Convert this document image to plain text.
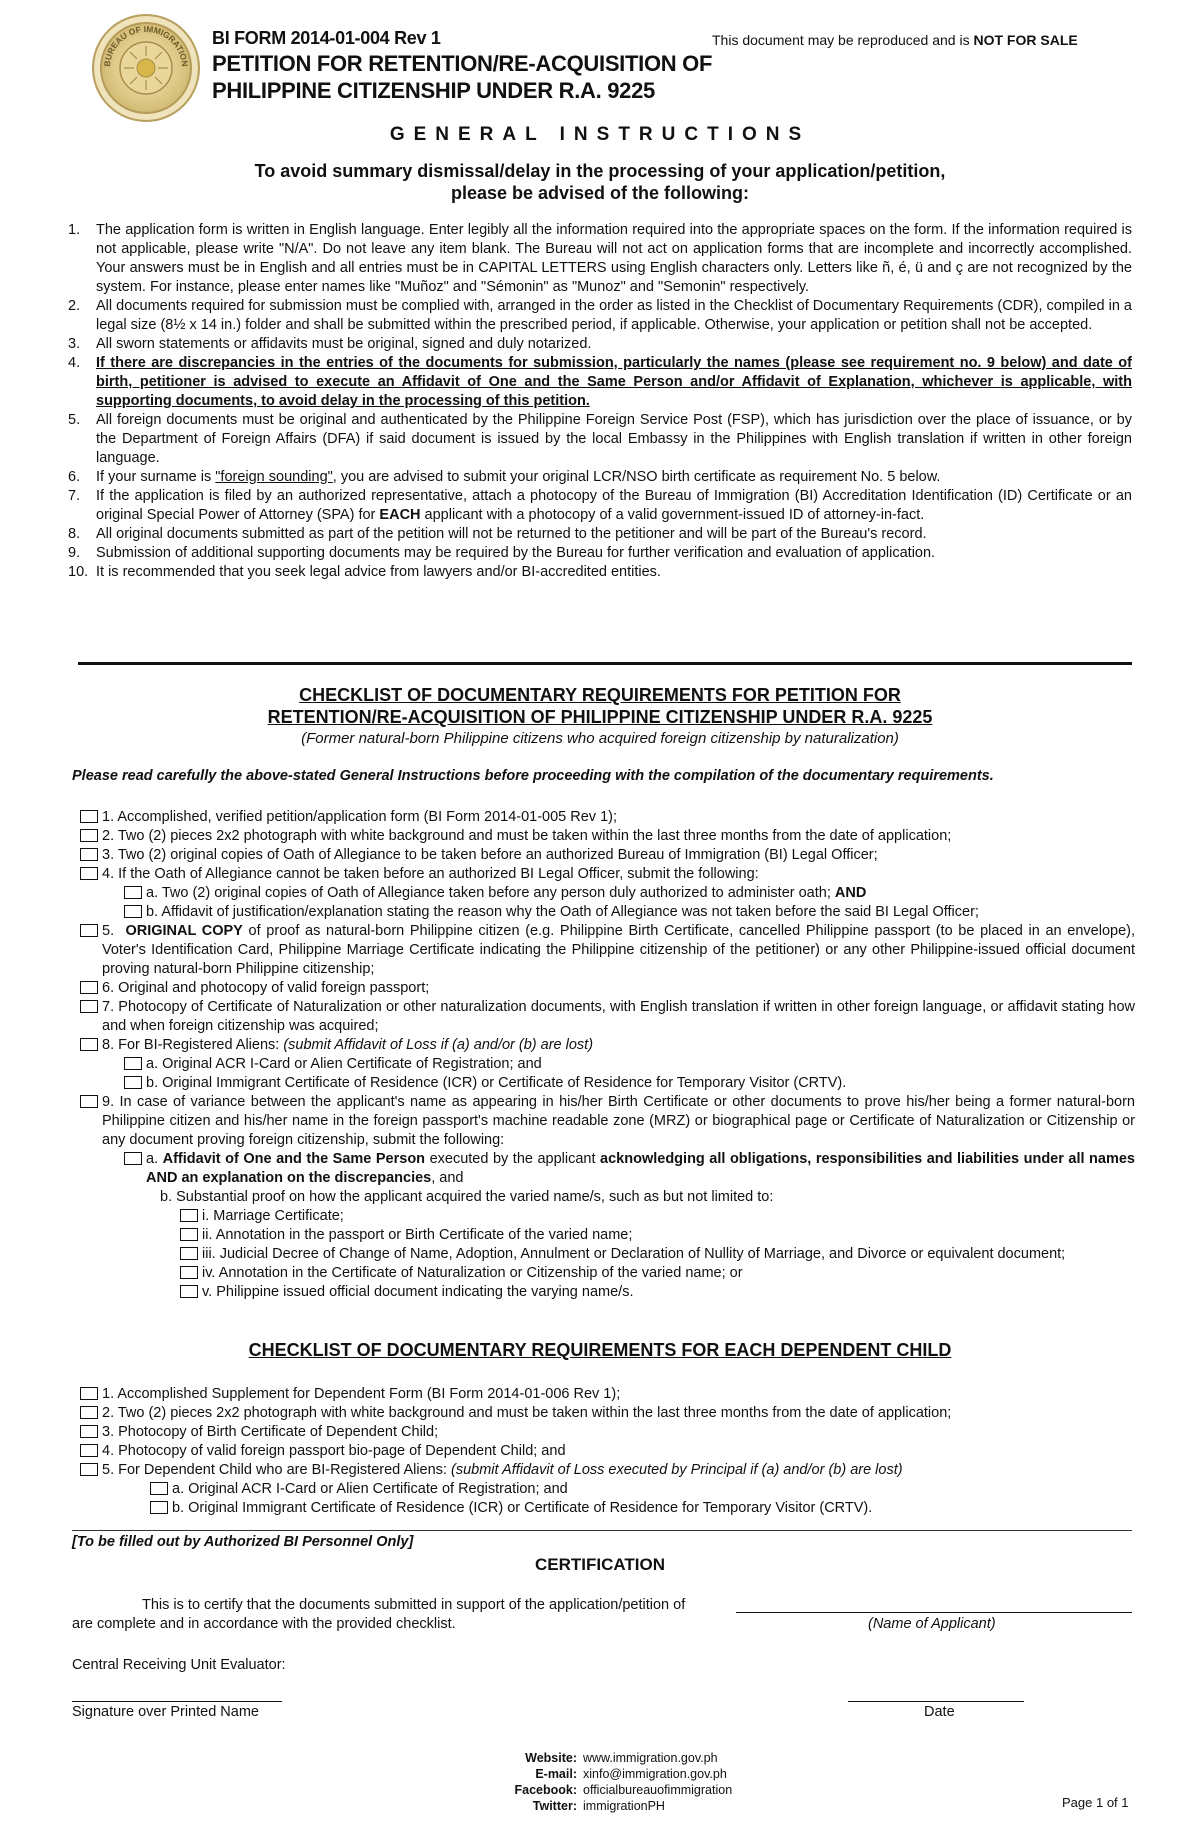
BUREAU OF IMMIGRATION
BI FORM 2014-01-004 Rev 1	This document may be reproduced and is NOT FOR SALE
PETITION FOR RETENTION/RE-ACQUISITION OF
PHILIPPINE CITIZENSHIP UNDER R.A. 9225
GENERAL INSTRUCTIONS
To avoid summary dismissal/delay in the processing of your application/petition,
please be advised of the following:
1.	The application form is written in English language. Enter legibly all the information required into the appropriate spaces on the form. If the information required is not applicable, please write "N/A". Do not leave any item blank. The Bureau will not act on application forms that are incomplete and incorrectly accomplished. Your answers must be in English and all entries must be in CAPITAL LETTERS using English characters only. Letters like ñ, é, ü and ç are not recognized by the system. For instance, please enter names like "Muñoz" and "Sémonin" as "Munoz" and "Semonin" respectively.
2.	All documents required for submission must be complied with, arranged in the order as listed in the Checklist of Documentary Requirements (CDR), compiled in a legal size (8½ x 14 in.) folder and shall be submitted within the prescribed period, if applicable. Otherwise, your application or petition shall not be accepted.
3.	All sworn statements or affidavits must be original, signed and duly notarized.
4.	If there are discrepancies in the entries of the documents for submission, particularly the names (please see requirement no. 9 below) and date of birth, petitioner is advised to execute an Affidavit of One and the Same Person and/or Affidavit of Explanation, whichever is applicable, with supporting documents, to avoid delay in the processing of this petition.
5.	All foreign documents must be original and authenticated by the Philippine Foreign Service Post (FSP), which has jurisdiction over the place of issuance, or by the Department of Foreign Affairs (DFA) if said document is issued by the local Embassy in the Philippines with English translation if written in other foreign language.
6.	If your surname is "foreign sounding", you are advised to submit your original LCR/NSO birth certificate as requirement No. 5 below.
7.	If the application is filed by an authorized representative, attach a photocopy of the Bureau of Immigration (BI) Accreditation Identification (ID) Certificate or an original Special Power of Attorney (SPA) for EACH applicant with a photocopy of a valid government-issued ID of attorney-in-fact.
8.	All original documents submitted as part of the petition will not be returned to the petitioner and will be part of the Bureau's record.
9.	Submission of additional supporting documents may be required by the Bureau for further verification and evaluation of application.
10. It is recommended that you seek legal advice from lawyers and/or BI-accredited entities.
CHECKLIST OF DOCUMENTARY REQUIREMENTS FOR PETITION FOR
RETENTION/RE-ACQUISITION OF PHILIPPINE CITIZENSHIP UNDER R.A. 9225
(Former natural-born Philippine citizens who acquired foreign citizenship by naturalization)
Please read carefully the above-stated General Instructions before proceeding with the compilation of the documentary requirements.
1. Accomplished, verified petition/application form (BI Form 2014-01-005 Rev 1);
2. Two (2) pieces 2x2 photograph with white background and must be taken within the last three months from the date of application;
3. Two (2) original copies of Oath of Allegiance to be taken before an authorized Bureau of Immigration (BI) Legal Officer;
4. If the Oath of Allegiance cannot be taken before an authorized BI Legal Officer, submit the following:
a. Two (2) original copies of Oath of Allegiance taken before any person duly authorized to administer oath; AND
b. Affidavit of justification/explanation stating the reason why the Oath of Allegiance was not taken before the said BI Legal Officer;
5. ORIGINAL COPY of proof as natural-born Philippine citizen (e.g. Philippine Birth Certificate, cancelled Philippine passport (to be placed in an envelope), Voter's Identification Card, Philippine Marriage Certificate indicating the Philippine citizenship of the petitioner) or any other Philippine-issued official document proving natural-born Philippine citizenship;
6. Original and photocopy of valid foreign passport;
7. Photocopy of Certificate of Naturalization or other naturalization documents, with English translation if written in other foreign language, or affidavit stating how and when foreign citizenship was acquired;
8. For BI-Registered Aliens: (submit Affidavit of Loss if (a) and/or (b) are lost)
a. Original ACR I-Card or Alien Certificate of Registration; and
b. Original Immigrant Certificate of Residence (ICR) or Certificate of Residence for Temporary Visitor (CRTV).
9. In case of variance between the applicant's name as appearing in his/her Birth Certificate or other documents to prove his/her being a former natural-born Philippine citizen and his/her name in the foreign passport's machine readable zone (MRZ) or biographical page or Certificate of Naturalization or Citizenship or any document proving foreign citizenship, submit the following:
a. Affidavit of One and the Same Person executed by the applicant acknowledging all obligations, responsibilities and liabilities under all names AND an explanation on the discrepancies, and
b. Substantial proof on how the applicant acquired the varied name/s, such as but not limited to:
i. Marriage Certificate;
ii. Annotation in the passport or Birth Certificate of the varied name;
iii. Judicial Decree of Change of Name, Adoption, Annulment or Declaration of Nullity of Marriage, and Divorce or equivalent document;
iv. Annotation in the Certificate of Naturalization or Citizenship of the varied name; or
v. Philippine issued official document indicating the varying name/s.
CHECKLIST OF DOCUMENTARY REQUIREMENTS FOR EACH DEPENDENT CHILD
1. Accomplished Supplement for Dependent Form (BI Form 2014-01-006 Rev 1);
2. Two (2) pieces 2x2 photograph with white background and must be taken within the last three months from the date of application;
3. Photocopy of Birth Certificate of Dependent Child;
4. Photocopy of valid foreign passport bio-page of Dependent Child; and
5. For Dependent Child who are BI-Registered Aliens: (submit Affidavit of Loss executed by Principal if (a) and/or (b) are lost)
a. Original ACR I-Card or Alien Certificate of Registration; and
b. Original Immigrant Certificate of Residence (ICR) or Certificate of Residence for Temporary Visitor (CRTV).
[To be filled out by Authorized BI Personnel Only]
CERTIFICATION
This is to certify that the documents submitted in support of the application/petition of
are complete and in accordance with the provided checklist.	(Name of Applicant)
Central Receiving Unit Evaluator:
Signature over Printed Name	Date
Website: www.immigration.gov.ph
E-mail: xinfo@immigration.gov.ph
Facebook: officialbureauofimmigration
Twitter: immigrationPH	Page 1 of 1
